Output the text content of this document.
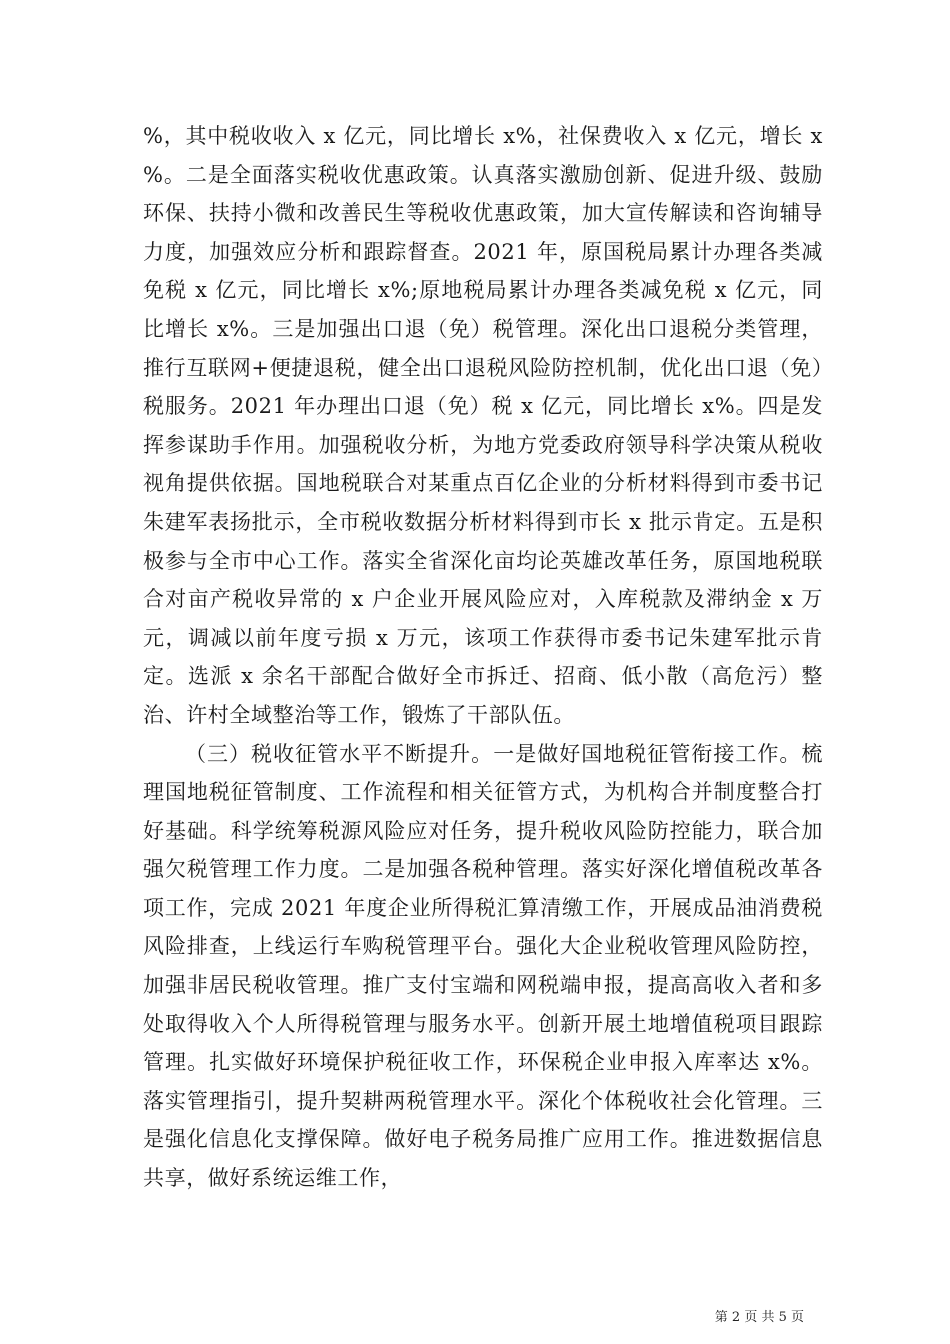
%，其中税收收入 x 亿元，同比增长 x%，社保费收入 x 亿元，增长 x %。二是全面落实税收优惠政策。认真落实激励创新、促进升级、鼓励环保、扶持小微和改善民生等税收优惠政策，加大宣传解读和咨询辅导力度，加强效应分析和跟踪督查。2021 年，原国税局累计办理各类减免税 x 亿元，同比增长 x%;原地税局累计办理各类减免税 x 亿元，同比增长 x%。三是加强出口退（免）税管理。深化出口退税分类管理，推行互联网+便捷退税，健全出口退税风险防控机制，优化出口退（免）税服务。2021 年办理出口退（免）税 x 亿元，同比增长 x%。四是发挥参谋助手作用。加强税收分析，为地方党委政府领导科学决策从税收视角提供依据。国地税联合对某重点百亿企业的分析材料得到市委书记朱建军表扬批示，全市税收数据分析材料得到市长 x 批示肯定。五是积极参与全市中心工作。落实全省深化亩均论英雄改革任务，原国地税联合对亩产税收异常的 x 户企业开展风险应对，入库税款及滞纳金 x 万元，调减以前年度亏损 x 万元，该项工作获得市委书记朱建军批示肯定。选派 x 余名干部配合做好全市拆迁、招商、低小散（高危污）整治、许村全域整治等工作，锻炼了干部队伍。

（三）税收征管水平不断提升。一是做好国地税征管衔接工作。梳理国地税征管制度、工作流程和相关征管方式，为机构合并制度整合打好基础。科学统筹税源风险应对任务，提升税收风险防控能力，联合加强欠税管理工作力度。二是加强各税种管理。落实好深化增值税改革各项工作，完成 2021 年度企业所得税汇算清缴工作，开展成品油消费税风险排查，上线运行车购税管理平台。强化大企业税收管理风险防控，加强非居民税收管理。推广支付宝端和网税端申报，提高高收入者和多处取得收入个人所得税管理与服务水平。创新开展土地增值税项目跟踪管理。扎实做好环境保护税征收工作，环保税企业申报入库率达 x%。落实管理指引，提升契耕两税管理水平。深化个体税收社会化管理。三是强化信息化支撑保障。做好电子税务局推广应用工作。推进数据信息共享，做好系统运维工作，

第 2 页 共 5 页
